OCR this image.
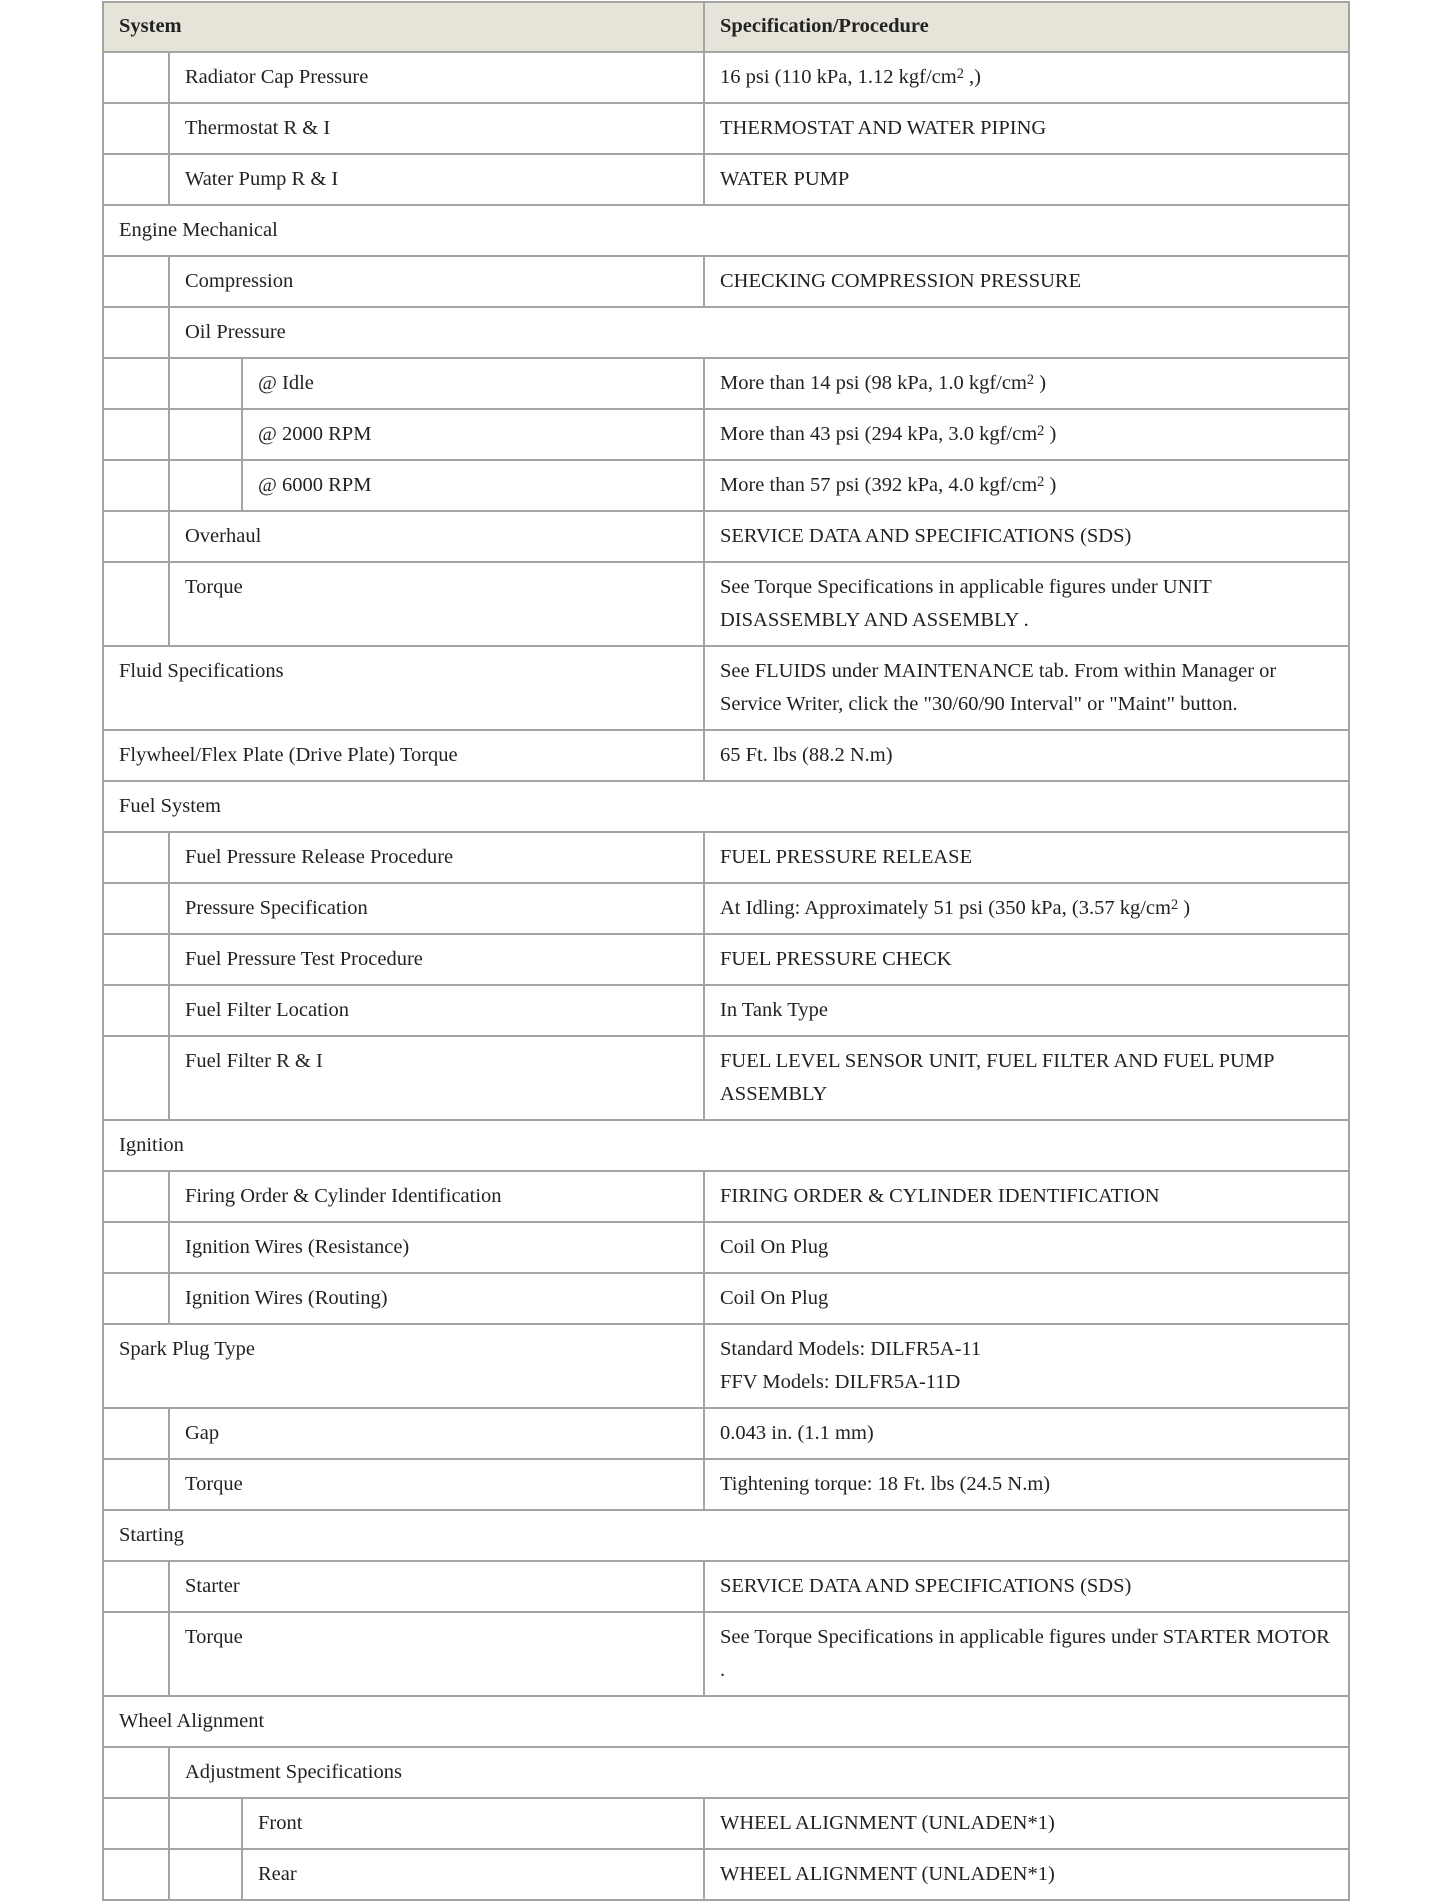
System			Specification/Procedure
	Radiator Cap Pressure		16 psi (110 kPa, 1.12 kgf/$cm^2$ ,)
	Thermostat R & I		THERMOSTAT AND WATER PIPING
	Water Pump R & I		WATER PUMP
Engine Mechanical			
	Compression		CHECKING COMPRESSION PRESSURE
	Oil Pressure		
		@ Idle	More than 14 psi (98 kPa, 1.0 kgf/$cm^2$ )
		@ 2000 RPM	More than 43 psi (294 kPa, 3.0 kgf/$cm^2$ )
		@ 6000 RPM	More than 57 psi (392 kPa, 4.0 kgf/$cm^2$ )
	Overhaul		SERVICE DATA AND SPECIFICATIONS (SDS)
	Torque		See Torque Specifications in applicable figures under UNIT DISASSEMBLY AND ASSEMBLY .
Fluid Specifications			See FLUIDS under MAINTENANCE tab. From within Manager or Service Writer, click the "30/60/90 Interval" or "Maint" button.
Flywheel/Flex Plate (Drive Plate) Torque			65 Ft. lbs (88.2 N.m)
Fuel System			
	Fuel Pressure Release Procedure		FUEL PRESSURE RELEASE
	Pressure Specification		At Idling: Approximately 51 psi (350 kPa, (3.57 $kg/cm^2$ )
	Fuel Pressure Test Procedure		FUEL PRESSURE CHECK
	Fuel Filter Location		In Tank Type
	Fuel Filter R & I		FUEL LEVEL SENSOR UNIT, FUEL FILTER AND FUEL PUMP ASSEMBLY
Ignition			
	Firing Order & Cylinder Identification		FIRING ORDER & CYLINDER IDENTIFICATION
	Ignition Wires (Resistance)		Coil On Plug
	Ignition Wires (Routing)		Coil On Plug
Spark Plug Type			Standard Models: DILFR5A-11
FFV Models: DILFR5A-11D

	Gap		0.043 in. (1.1 mm)
	Torque		Tightening torque: 18 Ft. lbs (24.5 N.m)
Starting			
	Starter		SERVICE DATA AND SPECIFICATIONS (SDS)
	Torque		See Torque Specifications in applicable figures under STARTER MOTOR .
Wheel Alignment			
	Adjustment Specifications		
		Front	WHEEL ALIGNMENT (UNLADEN*1)
		Rear	WHEEL ALIGNMENT (UNLADEN*1)
